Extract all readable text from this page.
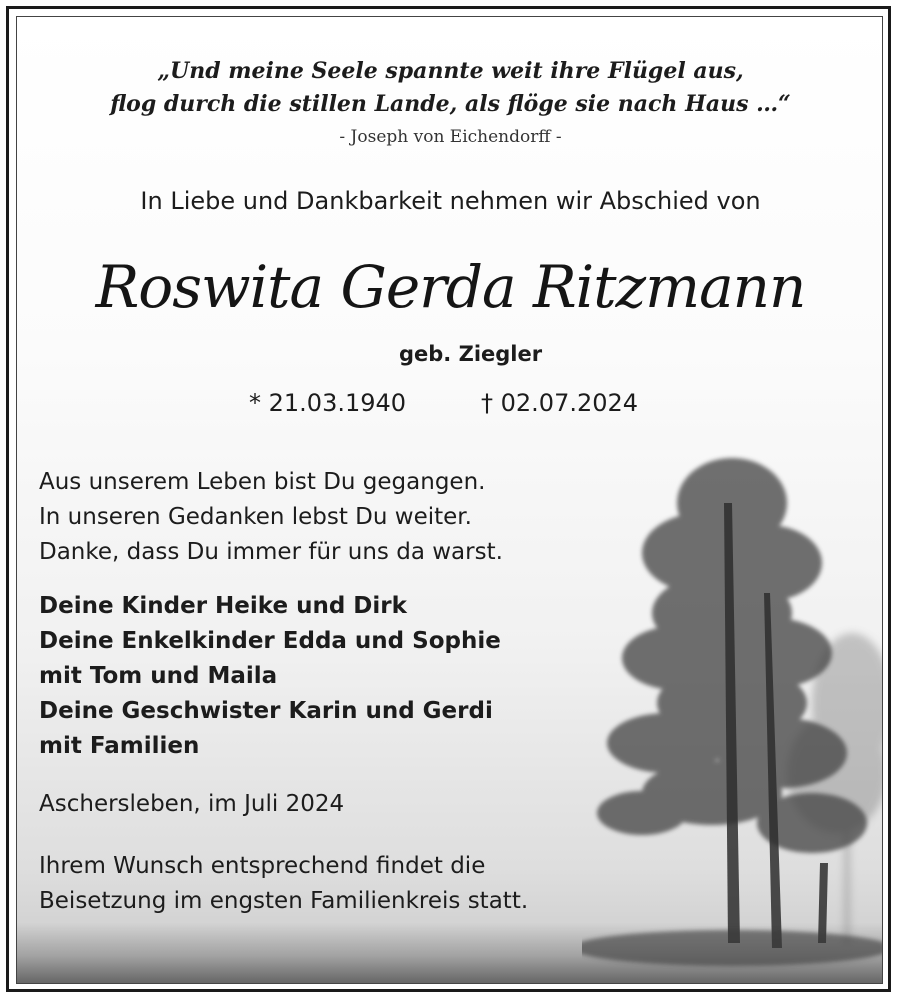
„Und meine Seele spannte weit ihre Flügel aus,
flog durch die stillen Lande, als flöge sie nach Haus …“
- Joseph von Eichendorff -
In Liebe und Dankbarkeit nehmen wir Abschied von
Roswita Gerda Ritzmann
geb. Ziegler
* 21.03.1940	† 02.07.2024
Aus unserem Leben bist Du gegangen.
In unseren Gedanken lebst Du weiter.
Danke, dass Du immer für uns da warst.
Deine Kinder Heike und Dirk
Deine Enkelkinder Edda und Sophie
mit Tom und Maila
Deine Geschwister Karin und Gerdi
mit Familien
Aschersleben, im Juli 2024
Ihrem Wunsch entsprechend findet die
Beisetzung im engsten Familienkreis statt.
